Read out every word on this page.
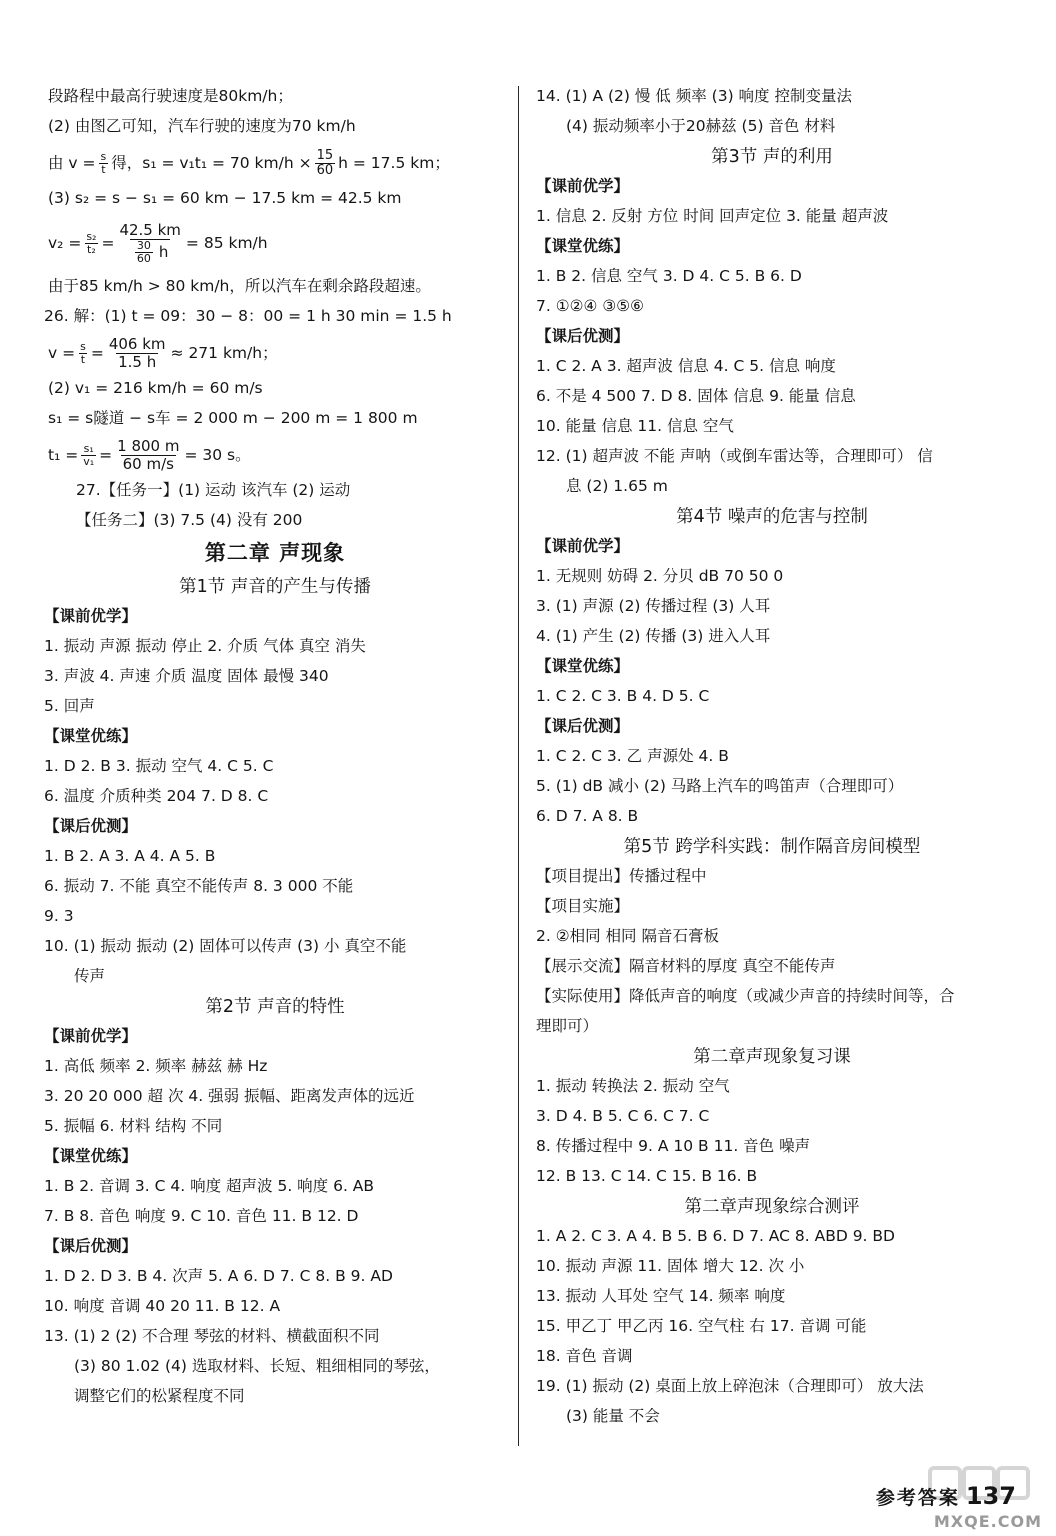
段路程中最高行驶速度是80km/h；
(2) 由图乙可知，汽车行驶的速度为70 km/h
由 $v = \frac{s}{t}$ 得，s₁ = v₁t₁ = 70 $km/h \times \frac{15}{60}$ h = 17.5 km；
(3) s₂ = s − s₁ = 60 km − 17.5 km = 42.5 km
$v_2 = \frac{\text{s₂}}{\text{t₂}} = \frac{42.5 km}{\frac{30}{60} h} = 85$ km/h
由于85 km/h > 80 km/h，所以汽车在剩余路段超速。
26. 解：(1) t = 09：30 − 8：00 = 1 h 30 min = 1.5 h
$v = \frac{s}{t} = \frac{406 km}{1.5 h} \approx 271$ km/h；
(2) v₁ = 216 km/h = 60 m/s
s₁ = s隧道 − s车 = 2 000 m − 200 m = 1 800 m
$t_1 = \frac{\text{s₁}}{\text{v₁}} = \frac{1 800 m}{60 m/s} = 30$ s。
27.【任务一】(1) 运动 该汽车 (2) 运动
【任务二】(3) 7.5 (4) 没有 200
第二章 声现象
第1节 声音的产生与传播
【课前优学】
1. 振动 声源 振动 停止 2. 介质 气体 真空 消失
3. 声波 4. 声速 介质 温度 固体 最慢 340
5. 回声
【课堂优练】
1. D 2. B 3. 振动 空气 4. C 5. C
6. 温度 介质种类 204 7. D 8. C
【课后优测】
1. B 2. A 3. A 4. A 5. B
6. 振动 7. 不能 真空不能传声 8. 3 000 不能
9. 3
10. (1) 振动 振动 (2) 固体可以传声 (3) 小 真空不能
传声
第2节 声音的特性
【课前优学】
1. 高低 频率 2. 频率 赫兹 赫 Hz
3. 20 20 000 超 次 4. 强弱 振幅、距离发声体的远近
5. 振幅 6. 材料 结构 不同
【课堂优练】
1. B 2. 音调 3. C 4. 响度 超声波 5. 响度 6. AB
7. B 8. 音色 响度 9. C 10. 音色 11. B 12. D
【课后优测】
1. D 2. D 3. B 4. 次声 5. A 6. D 7. C 8. B 9. AD
10. 响度 音调 40 20 11. B 12. A
13. (1) 2 (2) 不合理 琴弦的材料、横截面积不同
(3) 80 1.02 (4) 选取材料、长短、粗细相同的琴弦，
调整它们的松紧程度不同
14. (1) A (2) 慢 低 频率 (3) 响度 控制变量法
(4) 振动频率小于20赫兹 (5) 音色 材料
第3节 声的利用
【课前优学】
1. 信息 2. 反射 方位 时间 回声定位 3. 能量 超声波
【课堂优练】
1. B 2. 信息 空气 3. D 4. C 5. B 6. D
7. ①②④ ③⑤⑥
【课后优测】
1. C 2. A 3. 超声波 信息 4. C 5. 信息 响度
6. 不是 4 500 7. D 8. 固体 信息 9. 能量 信息
10. 能量 信息 11. 信息 空气
12. (1) 超声波 不能 声呐（或倒车雷达等，合理即可） 信
息 (2) 1.65 m
第4节 噪声的危害与控制
【课前优学】
1. 无规则 妨碍 2. 分贝 dB 70 50 0
3. (1) 声源 (2) 传播过程 (3) 人耳
4. (1) 产生 (2) 传播 (3) 进入人耳
【课堂优练】
1. C 2. C 3. B 4. D 5. C
【课后优测】
1. C 2. C 3. 乙 声源处 4. B
5. (1) dB 减小 (2) 马路上汽车的鸣笛声（合理即可）
6. D 7. A 8. B
第5节 跨学科实践：制作隔音房间模型
【项目提出】传播过程中
【项目实施】
2. ②相同 相同 隔音石膏板
【展示交流】隔音材料的厚度 真空不能传声
【实际使用】降低声音的响度（或减少声音的持续时间等，合
理即可）
第二章声现象复习课
1. 振动 转换法 2. 振动 空气
3. D 4. B 5. C 6. C 7. C
8. 传播过程中 9. A 10 B 11. 音色 噪声
12. B 13. C 14. C 15. B 16. B
第二章声现象综合测评
1. A 2. C 3. A 4. B 5. B 6. D 7. AC 8. ABD 9. BD
10. 振动 声源 11. 固体 增大 12. 次 小
13. 振动 人耳处 空气 14. 频率 响度
15. 甲乙丁 甲乙丙 16. 空气柱 右 17. 音调 可能
18. 音色 音调
19. (1) 振动 (2) 桌面上放上碎泡沫（合理即可） 放大法
(3) 能量 不会
参考答案 137
MXQE.COM
